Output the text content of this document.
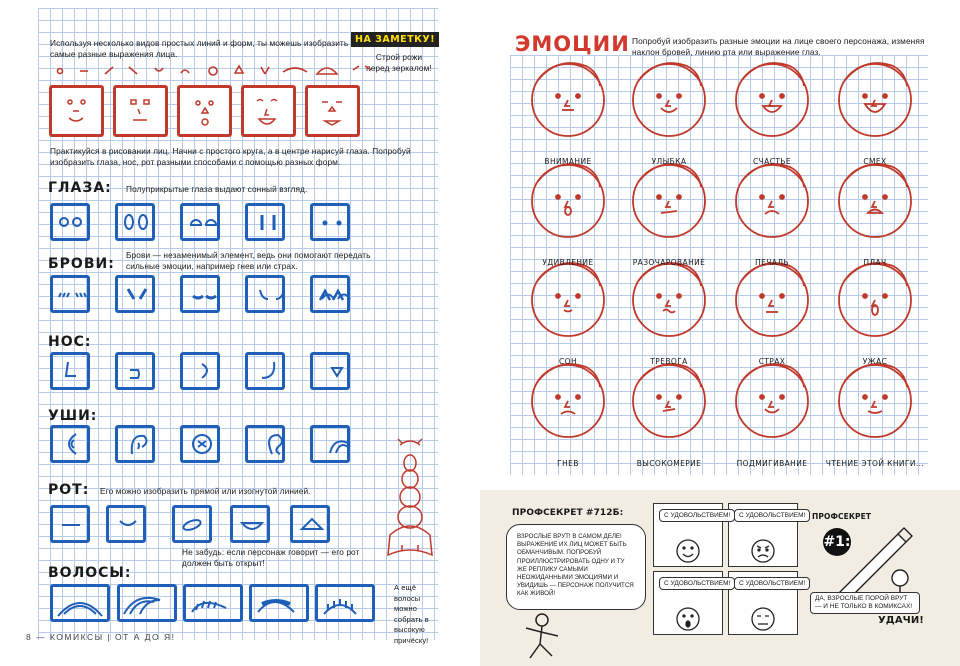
Используя несколько видов простых линий и форм, ты можешь изобразить самые разные выражения лица.
НА ЗАМЕТКУ!
Строй рожи перед зеркалом!
Практикуйся в рисовании лиц. Начни с простого круга, а в центре нарисуй глаза. Попробуй изобразить глаза, нос, рот разными способами с помощью разных форм.
ГЛАЗА: Полуприкрытые глаза выдают сонный взгляд.
БРОВИ:
Брови — незаменимый элемент, ведь они помогают передать сильные эмоции, например гнев или страх.
НОС:
УШИ:
РОТ: Его можно изобразить прямой или изогнутой линией.
Не забудь: если персонаж говорит — его рот должен быть открыт!
ВОЛОСЫ:
А ещё волосы можно собрать в высокую причёску!
8 — КОМИКСЫ | ОТ А ДО Я!
ЭМОЦИИ Попробуй изобразить разные эмоции на лице своего персонажа, изменяя наклон бровей, линию рта или выражение глаз.
ВНИМАНИЕ	УЛЫБКА	СЧАСТЬЕ	СМЕХ
УДИВЛЕНИЕ	РАЗОЧАРОВАНИЕ	ПЕЧАЛЬ	ПЛАЧ
СОН	ТРЕВОГА	СТРАХ	УЖАС
ГНЕВ	ВЫСОКОМЕРИЕ	ПОДМИГИВАНИЕ	ЧТЕНИЕ ЭТОЙ КНИГИ...
ПРОФСЕКРЕТ #712Б:
ВЗРОСЛЫЕ ВРУТ! В САМОМ ДЕЛЕ! ВЫРАЖЕНИЕ ИХ ЛИЦ МОЖЕТ БЫТЬ ОБМАНЧИВЫМ. ПОПРОБУЙ ПРОИЛЛЮСТРИРОВАТЬ ОДНУ И ТУ ЖЕ РЕПЛИКУ САМЫМИ НЕОЖИДАННЫМИ ЭМОЦИЯМИ И УВИДИШЬ — ПЕРСОНАЖ ПОЛУЧИТСЯ КАК ЖИВОЙ!
С УДОВОЛЬСТВИЕМ!	С УДОВОЛЬСТВИЕМ!
С УДОВОЛЬСТВИЕМ!	С УДОВОЛЬСТВИЕМ!
ПРОФСЕКРЕТ
#1:
ДА, ВЗРОСЛЫЕ ПОРОЙ ВРУТ — И НЕ ТОЛЬКО В КОМИКСАХ!
УДАЧИ!
